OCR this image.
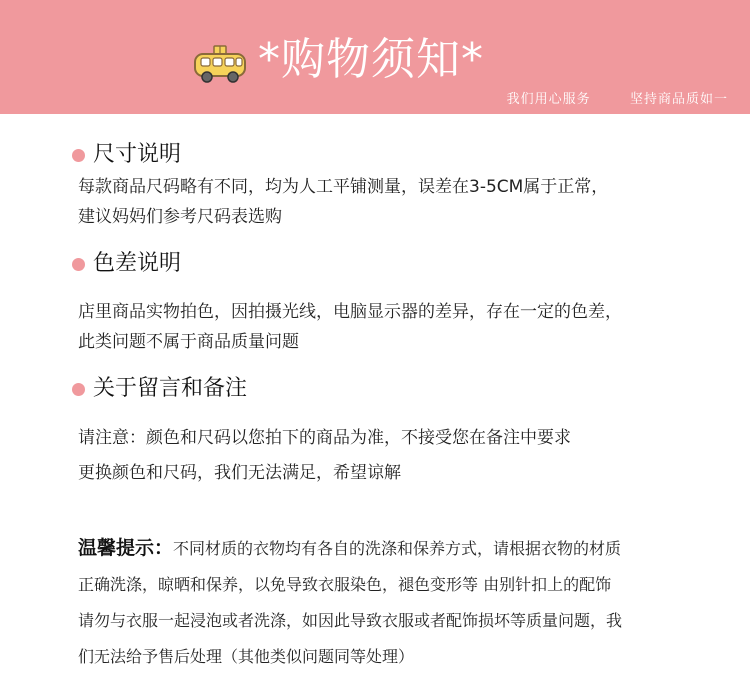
*购物须知*
我们用心服务   坚持商品质如一
尺寸说明
每款商品尺码略有不同，均为人工平铺测量，误差在3-5CM属于正常，
建议妈妈们参考尺码表选购
色差说明
店里商品实物拍色，因拍摄光线，电脑显示器的差异，存在一定的色差，
此类问题不属于商品质量问题
关于留言和备注
请注意：颜色和尺码以您拍下的商品为准，不接受您在备注中要求
更换颜色和尺码，我们无法满足，希望谅解
温馨提示：不同材质的衣物均有各自的洗涤和保养方式，请根据衣物的材质
正确洗涤，晾晒和保养，以免导致衣服染色，褪色变形等 由别针扣上的配饰
请勿与衣服一起浸泡或者洗涤，如因此导致衣服或者配饰损坏等质量问题，我
们无法给予售后处理（其他类似问题同等处理）
